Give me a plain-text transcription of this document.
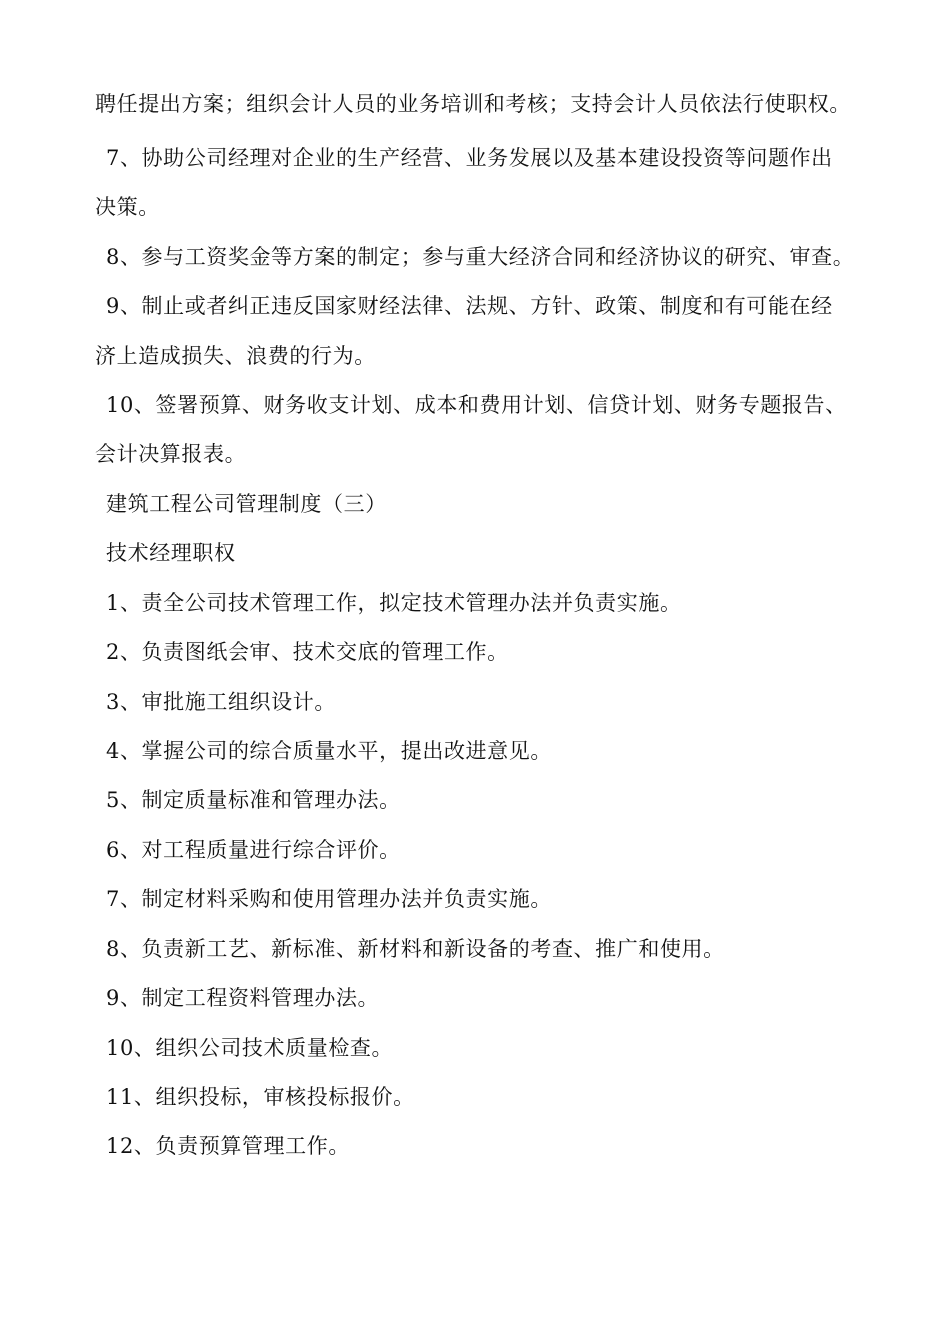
聘任提出方案；组织会计人员的业务培训和考核；支持会计人员依法行使职权。
7、协助公司经理对企业的生产经营、业务发展以及基本建设投资等问题作出
决策。
8、参与工资奖金等方案的制定；参与重大经济合同和经济协议的研究、审查。
9、制止或者纠正违反国家财经法律、法规、方针、政策、制度和有可能在经
济上造成损失、浪费的行为。
10、签署预算、财务收支计划、成本和费用计划、信贷计划、财务专题报告、
会计决算报表。
建筑工程公司管理制度（三）
技术经理职权
1、责全公司技术管理工作，拟定技术管理办法并负责实施。
2、负责图纸会审、技术交底的管理工作。
3、审批施工组织设计。
4、掌握公司的综合质量水平，提出改进意见。
5、制定质量标准和管理办法。
6、对工程质量进行综合评价。
7、制定材料采购和使用管理办法并负责实施。
8、负责新工艺、新标准、新材料和新设备的考查、推广和使用。
9、制定工程资料管理办法。
10、组织公司技术质量检查。
11、组织投标，审核投标报价。
12、负责预算管理工作。
